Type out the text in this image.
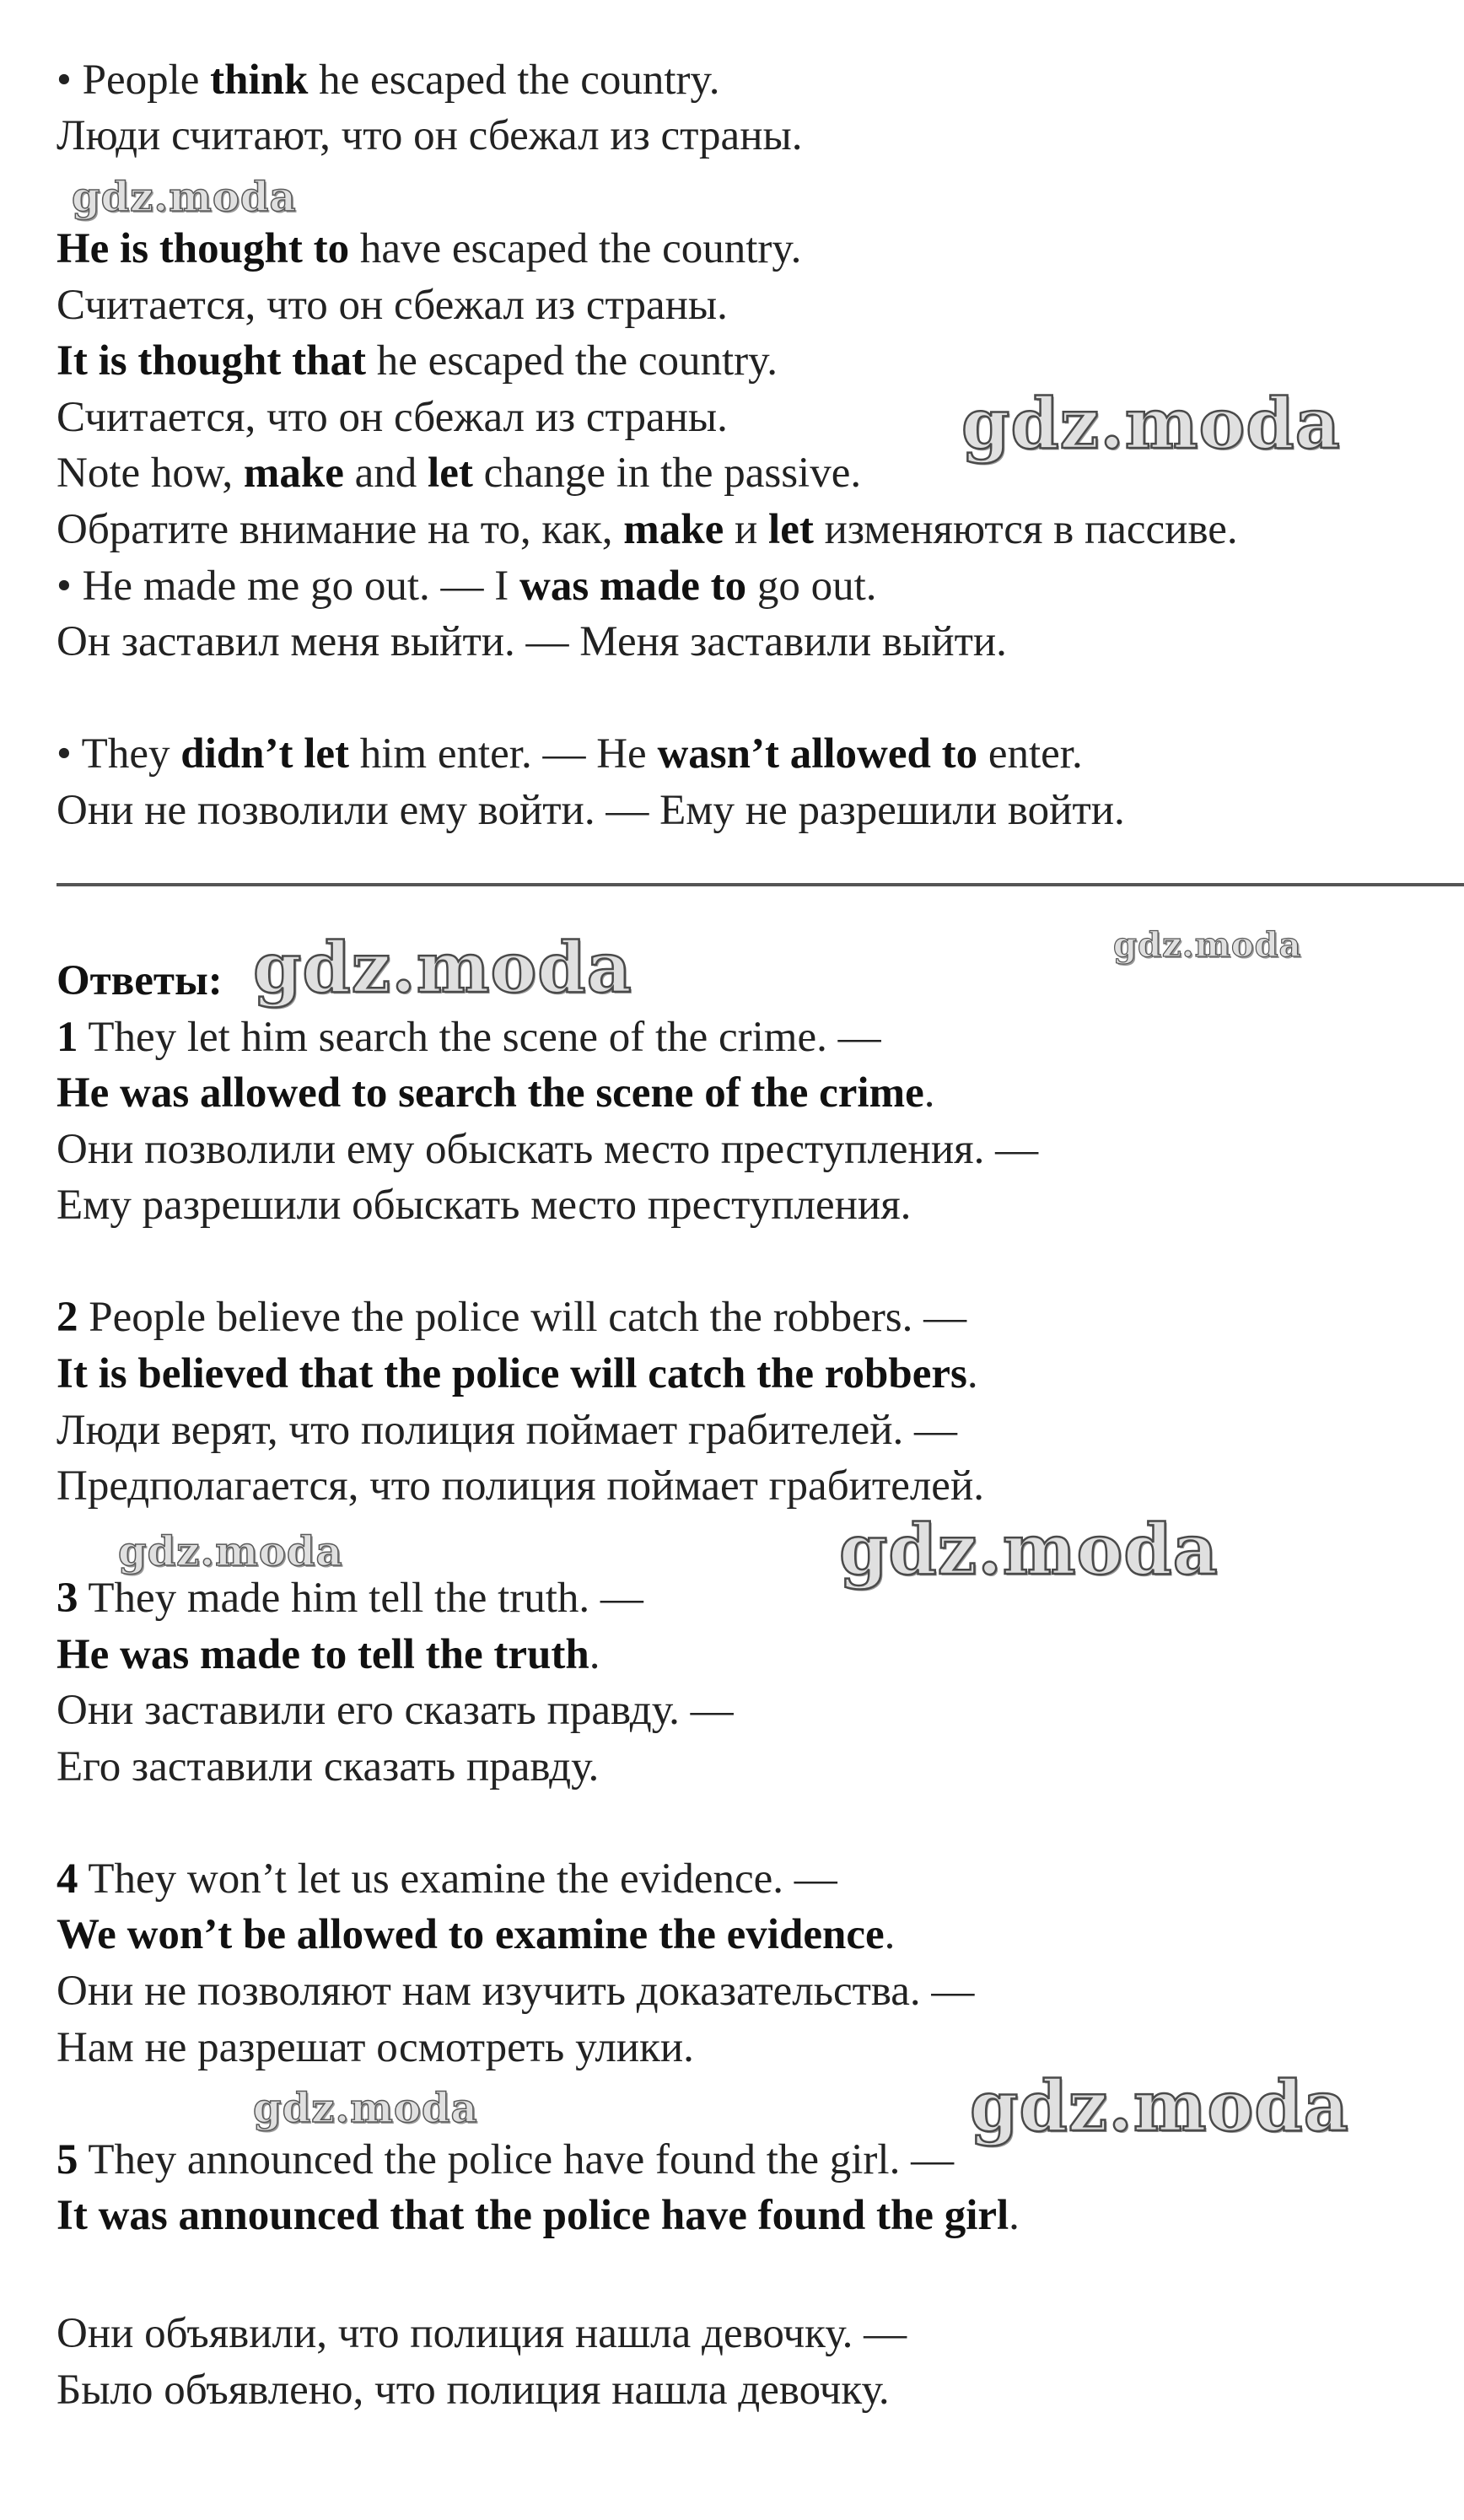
• People think he escaped the country.
Люди считают, что он сбежал из страны.
He is thought to have escaped the country.
Считается, что он сбежал из страны.
It is thought that he escaped the country.
Считается, что он сбежал из страны.
Note how, make and let change in the passive.
Обратите внимание на то, как, make и let изменяются в пассиве.
• He made me go out. — I was made to go out.
Он заставил меня выйти. — Меня заставили выйти.
• They didn’t let him enter. — He wasn’t allowed to enter.
Они не позволили ему войти. — Ему не разрешили войти.
Ответы:
1 They let him search the scene of the crime. —
He was allowed to search the scene of the crime.
Они позволили ему обыскать место преступления. —
Ему разрешили обыскать место преступления.
2 People believe the police will catch the robbers. —
It is believed that the police will catch the robbers.
Люди верят, что полиция поймает грабителей. —
Предполагается, что полиция поймает грабителей.
3 They made him tell the truth. —
He was made to tell the truth.
Они заставили его сказать правду. —
Его заставили сказать правду.
4 They won’t let us examine the evidence. —
We won’t be allowed to examine the evidence.
Они не позволяют нам изучить доказательства. —
Нам не разрешат осмотреть улики.
5 They announced the police have found the girl. —
It was announced that the police have found the girl.
Они объявили, что полиция нашла девочку. —
Было объявлено, что полиция нашла девочку.
gdz.moda
gdz.moda
gdz.moda
gdz.moda
gdz.moda	gdz.moda
gdz.moda	gdz.moda
